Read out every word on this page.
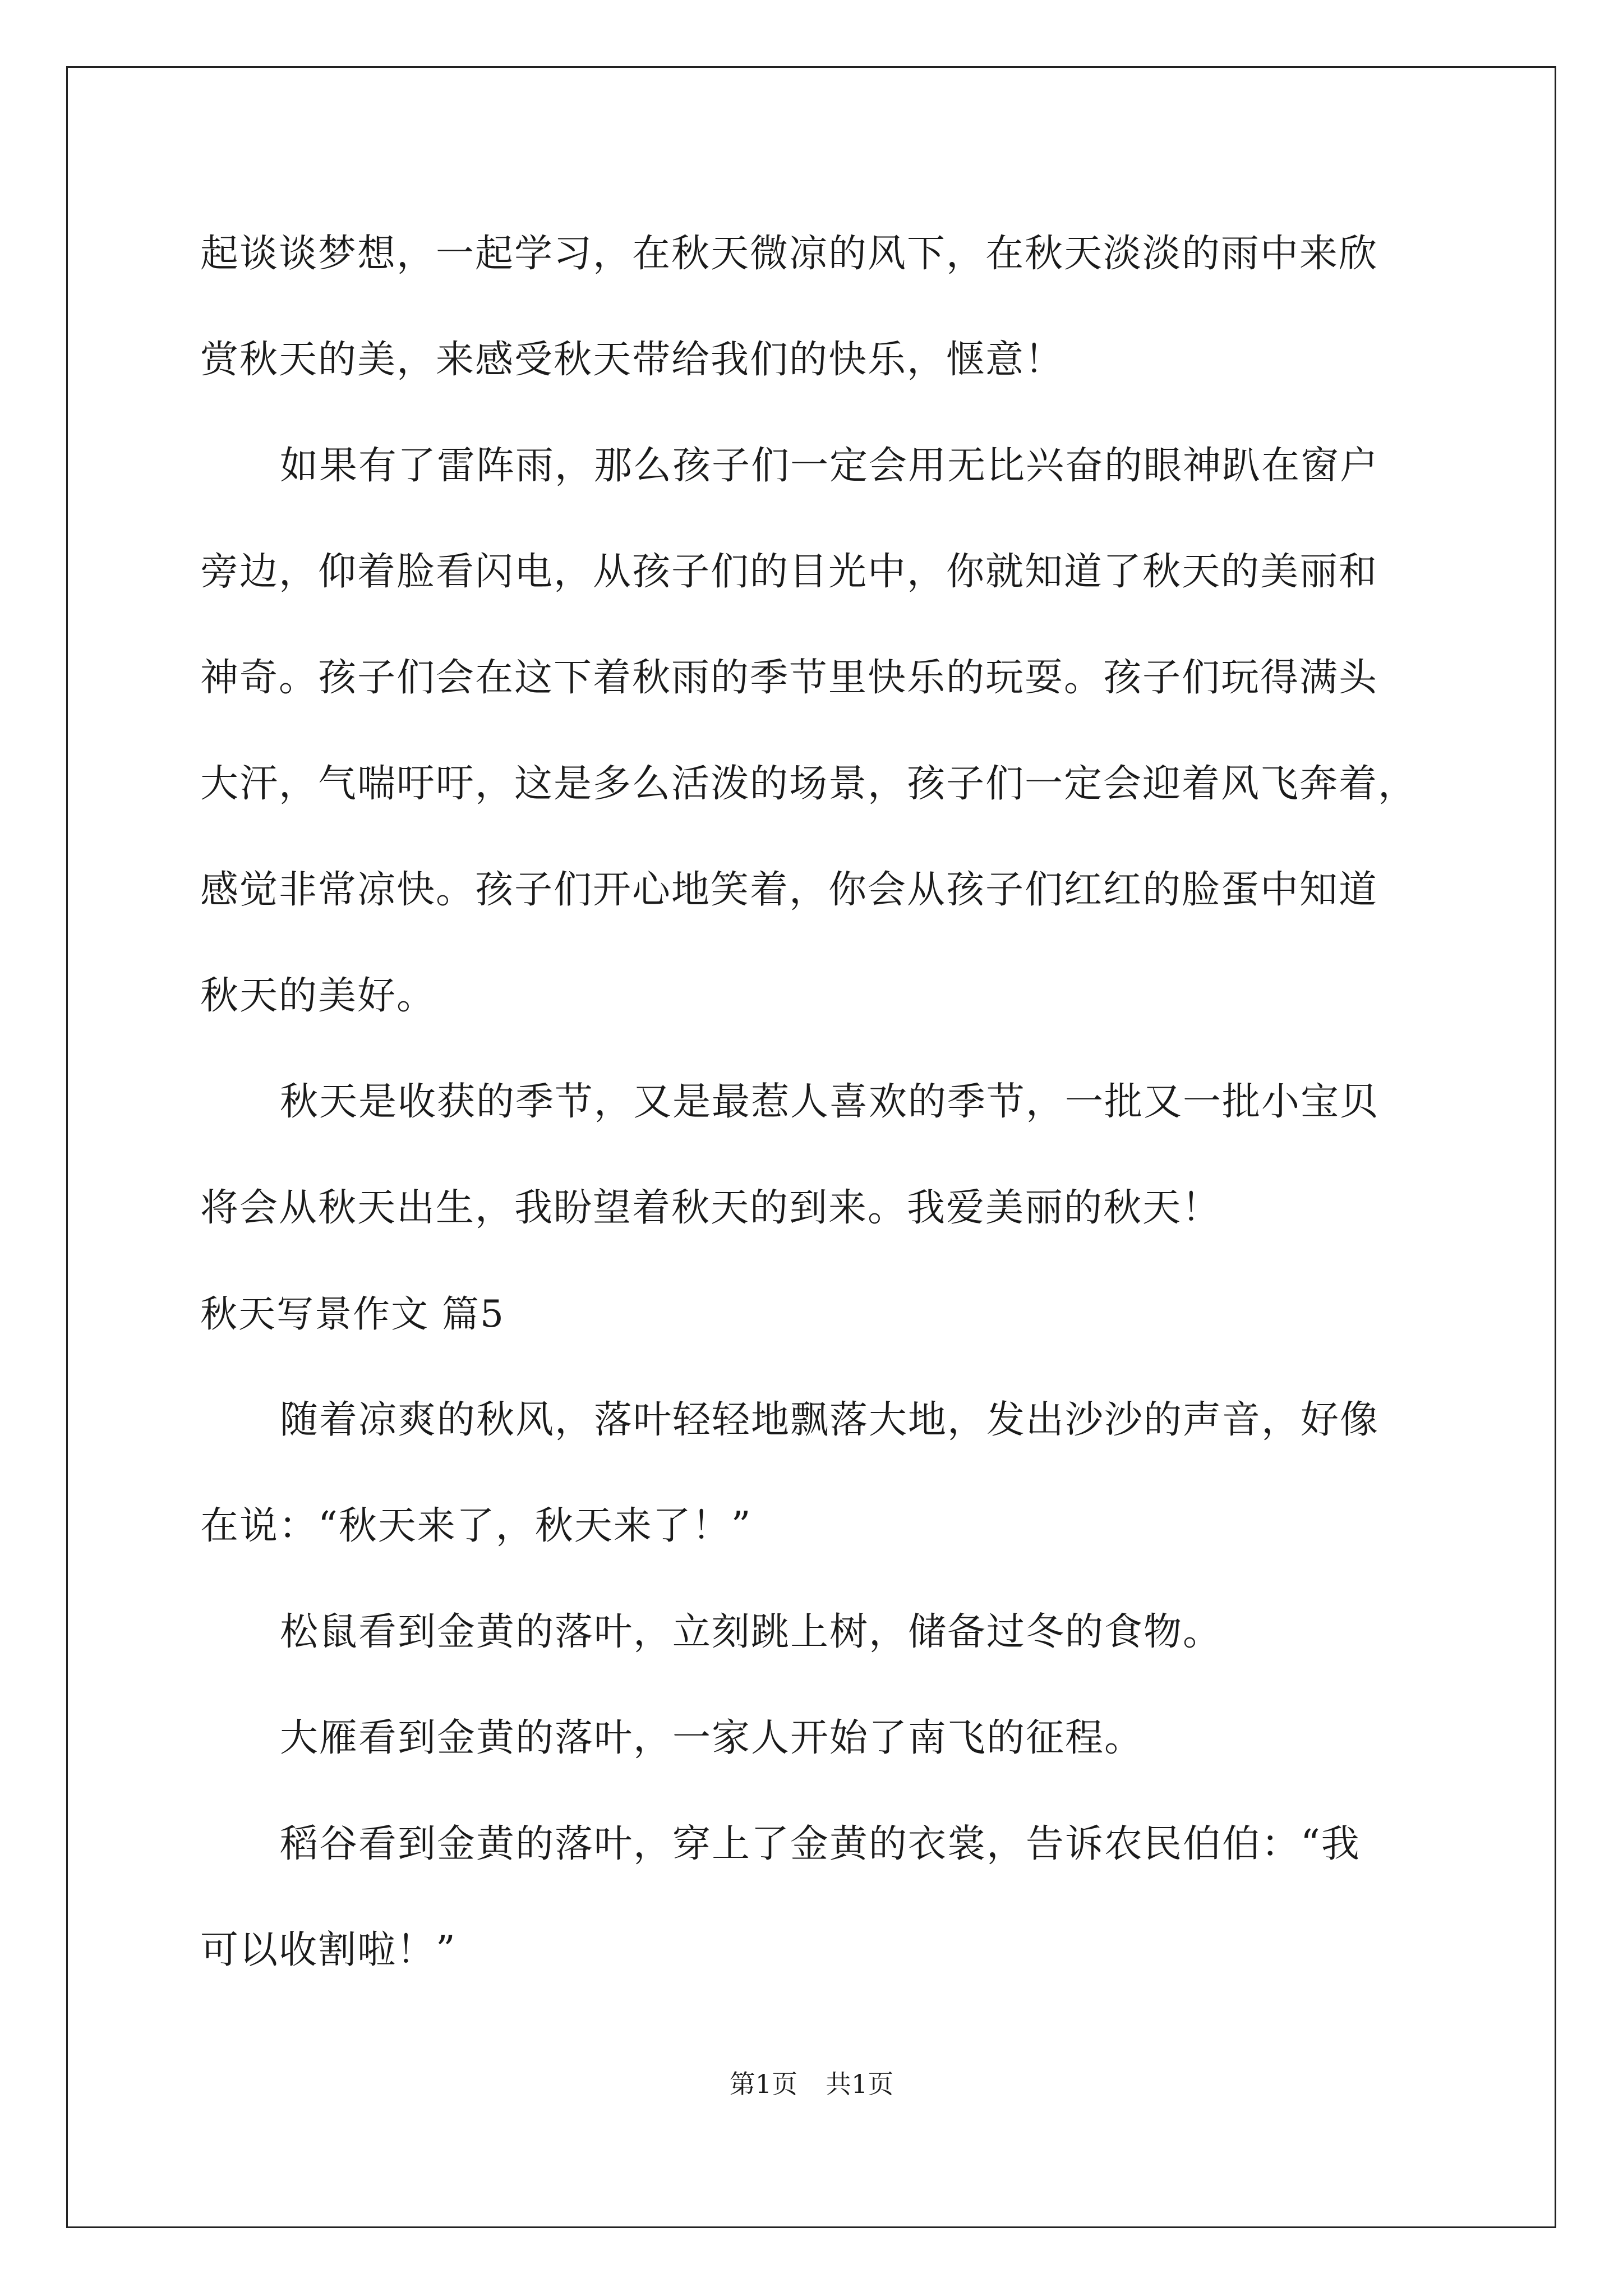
起谈谈梦想，一起学习，在秋天微凉的风下，在秋天淡淡的雨中来欣
赏秋天的美，来感受秋天带给我们的快乐，惬意！
如果有了雷阵雨，那么孩子们一定会用无比兴奋的眼神趴在窗户
旁边，仰着脸看闪电，从孩子们的目光中，你就知道了秋天的美丽和
神奇。孩子们会在这下着秋雨的季节里快乐的玩耍。孩子们玩得满头
大汗，气喘吁吁，这是多么活泼的场景，孩子们一定会迎着风飞奔着，
感觉非常凉快。孩子们开心地笑着，你会从孩子们红红的脸蛋中知道
秋天的美好。
秋天是收获的季节，又是最惹人喜欢的季节，一批又一批小宝贝
将会从秋天出生，我盼望着秋天的到来。我爱美丽的秋天！
秋天写景作文 篇5
随着凉爽的秋风，落叶轻轻地飘落大地，发出沙沙的声音，好像
在说：“秋天来了，秋天来了！”
松鼠看到金黄的落叶，立刻跳上树，储备过冬的食物。
大雁看到金黄的落叶，一家人开始了南飞的征程。
稻谷看到金黄的落叶，穿上了金黄的衣裳，告诉农民伯伯：“我
可以收割啦！”
第1页 共1页
